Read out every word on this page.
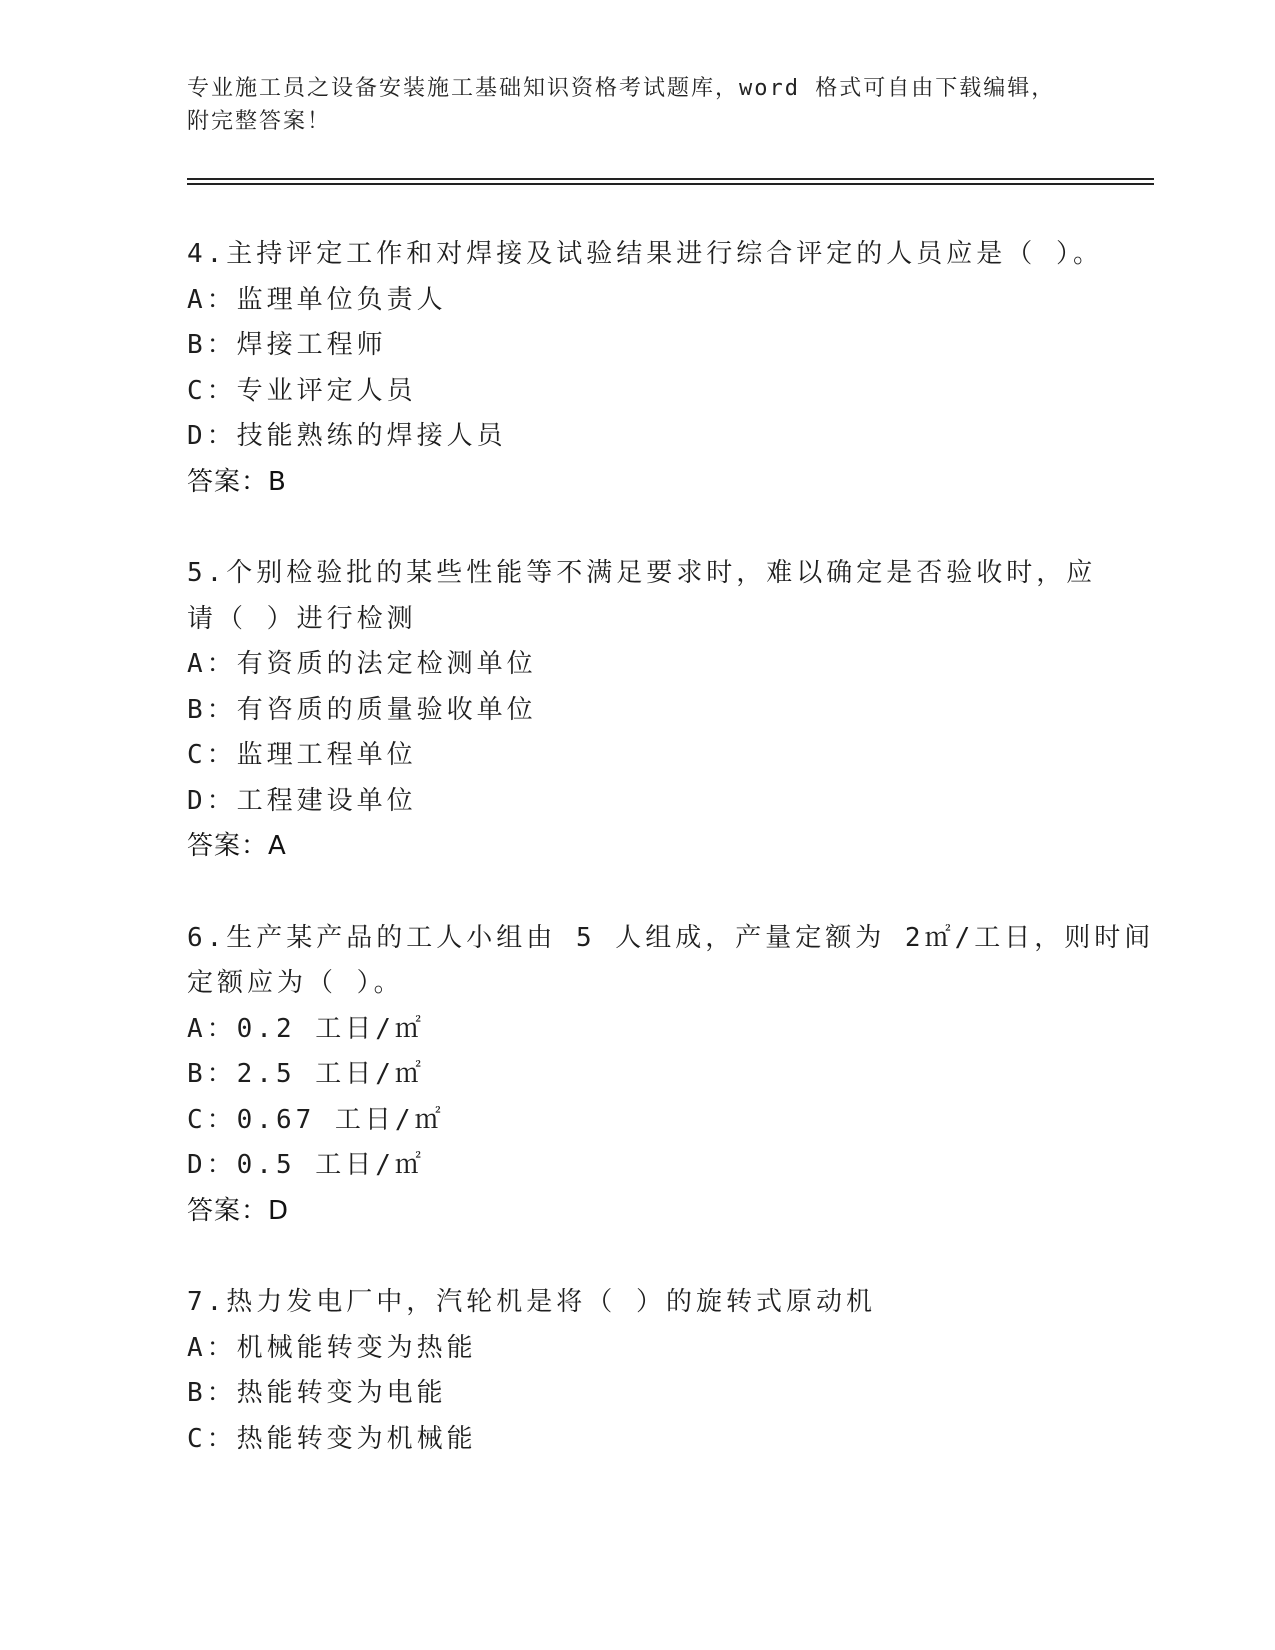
专业施工员之设备安装施工基础知识资格考试题库，word 格式可自由下载编辑，
附完整答案！
4.主持评定工作和对焊接及试验结果进行综合评定的人员应是（ ）。
A：监理单位负责人
B：焊接工程师
C：专业评定人员
D：技能熟练的焊接人员
答案：B
5.个别检验批的某些性能等不满足要求时，难以确定是否验收时，应
请（ ）进行检测
A：有资质的法定检测单位
B：有咨质的质量验收单位
C：监理工程单位
D：工程建设单位
答案：A
6.生产某产品的工人小组由 5 人组成，产量定额为 2㎡/工日，则时间
定额应为（ ）。
A：0.2 工日/㎡
B：2.5 工日/㎡
C：0.67 工日/㎡
D：0.5 工日/㎡
答案：D
7.热力发电厂中，汽轮机是将（ ）的旋转式原动机
A：机械能转变为热能
B：热能转变为电能
C：热能转变为机械能
